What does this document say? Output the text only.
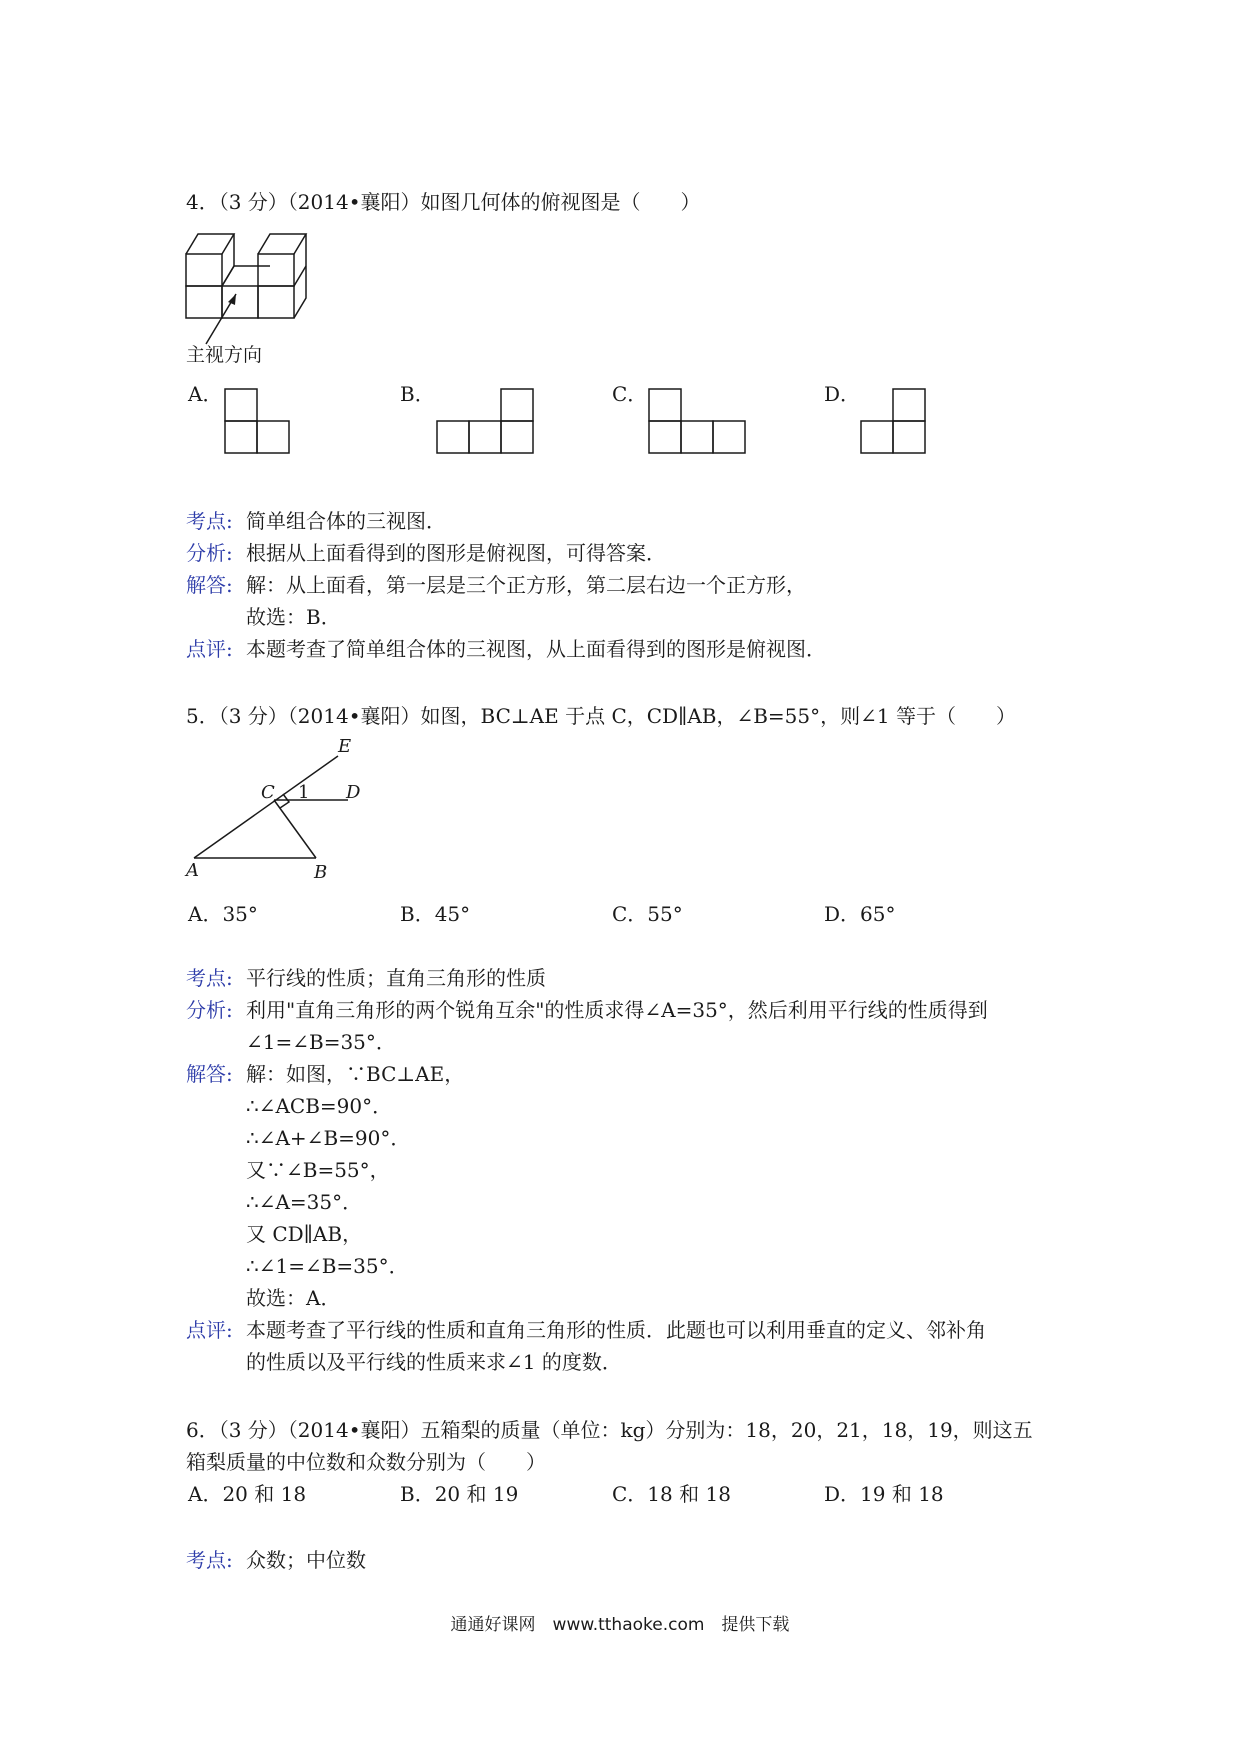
4．（3 分）（2014•襄阳）如图几何体的俯视图是（　　）
主视方向
A．	B．	C．	D．
考点: 简单组合体的三视图．
分析: 根据从上面看得到的图形是俯视图，可得答案．
解答: 解：从上面看，第一层是三个正方形，第二层右边一个正方形，
故选：B．
点评: 本题考查了简单组合体的三视图，从上面看得到的图形是俯视图．
5．（3 分）（2014•襄阳）如图，BC⊥AE 于点 C，CD∥AB，∠B=55°，则∠1 等于（　　）
E
C 1 D
A	B
A．35°	B．45°	C．55°	D．65°
考点: 平行线的性质；直角三角形的性质
分析: 利用"直角三角形的两个锐角互余"的性质求得∠A=35°，然后利用平行线的性质得到
∠1=∠B=35°．
解答: 解：如图，∵BC⊥AE，
∴∠ACB=90°．
∴∠A+∠B=90°．
又∵∠B=55°，
∴∠A=35°．
又 CD∥AB，
∴∠1=∠B=35°．
故选：A．
点评: 本题考查了平行线的性质和直角三角形的性质．此题也可以利用垂直的定义、邻补角
的性质以及平行线的性质来求∠1 的度数．
6．（3 分）（2014•襄阳）五箱梨的质量（单位：kg）分别为：18，20，21，18，19，则这五
箱梨质量的中位数和众数分别为（　　）
A．20 和 18	B．20 和 19	C．18 和 18	D．19 和 18
考点: 众数；中位数
通通好课网　www.tthaoke.com　提供下载
